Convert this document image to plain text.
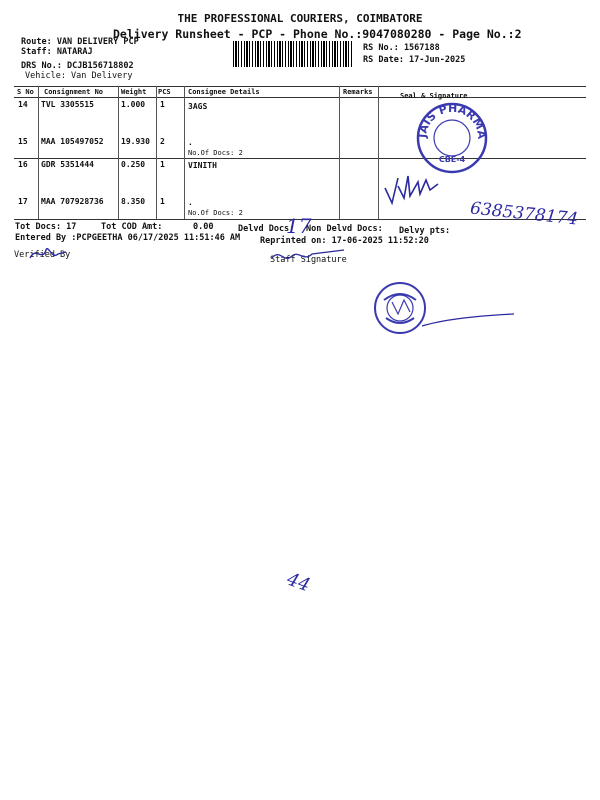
THE PROFESSIONAL COURIERS, COIMBATORE
Delivery Runsheet - PCP - Phone No.:9047080280 - Page No.:2
Route: VAN DELIVERY PCP
Staff: NATARAJ
DRS No.: DCJB156718802
Vehicle: Van Delivery
RS No.: 1567188
RS Date: 17-Jun-2025
S No Consignment No	Weight PCS Consignee Details	Remarks	Seal & Signature
14 TVL 3305515	1.000 1	3AGS
15 MAA 105497052 19.930 2	.
No.Of Docs: 2
16 GDR 5351444	0.250 1	VINITH
17 MAA 707928736 8.350 1	.
No.Of Docs: 2
Tot Docs: 17	Tot COD Amt:	0.00	Delvd Docs: Non Delvd Docs: Delvy pts:
Entered By :PCPGEETHA 06/17/2025 11:51:46 AM Reprinted on: 17-06-2025 11:52:20
Verified By	Staff Signature
JAIS PHARMA
CBE-4
6385378174
17
44
